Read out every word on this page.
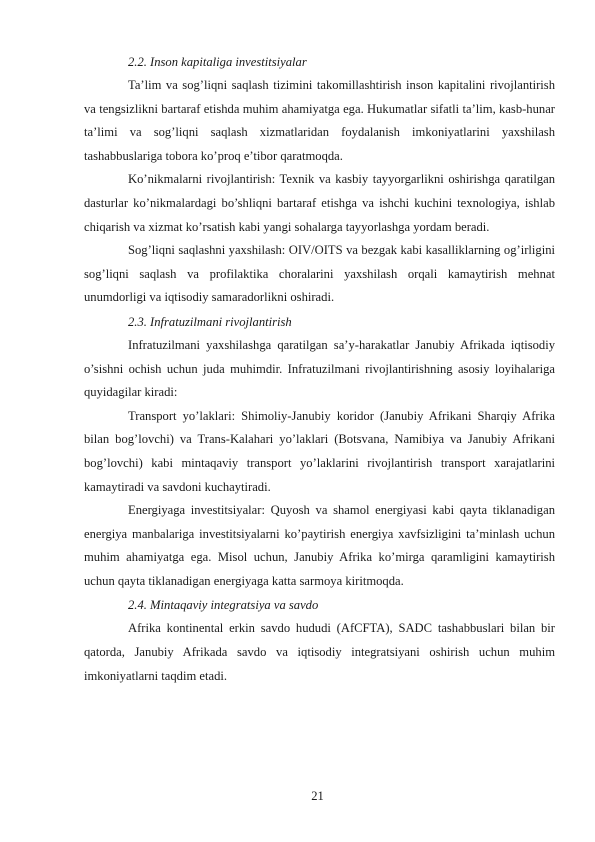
2.2. Inson kapitaliga investitsiyalar

Ta’lim va sog’liqni saqlash tizimini takomillashtirish inson kapitalini rivojlantirish va tengsizlikni bartaraf etishda muhim ahamiyatga ega. Hukumatlar sifatli ta’lim, kasb-hunar ta’limi va sog’liqni saqlash xizmatlaridan foydalanish imkoniyatlarini yaxshilash tashabbuslariga tobora ko’proq e’tibor qaratmoqda.

Ko’nikmalarni rivojlantirish: Texnik va kasbiy tayyorgarlikni oshirishga qaratilgan dasturlar ko’nikmalardagi bo’shliqni bartaraf etishga va ishchi kuchini texnologiya, ishlab chiqarish va xizmat ko’rsatish kabi yangi sohalarga tayyorlashga yordam beradi.

Sog’liqni saqlashni yaxshilash: OIV/OITS va bezgak kabi kasalliklarning og’irligini sog’liqni saqlash va profilaktika choralarini yaxshilash orqali kamaytirish mehnat unumdorligi va iqtisodiy samaradorlikni oshiradi.

2.3. Infratuzilmani rivojlantirish

Infratuzilmani yaxshilashga qaratilgan sa’y-harakatlar Janubiy Afrikada iqtisodiy o’sishni ochish uchun juda muhimdir. Infratuzilmani rivojlantirishning asosiy loyihalariga quyidagilar kiradi:

Transport yo’laklari: Shimoliy-Janubiy koridor (Janubiy Afrikani Sharqiy Afrika bilan bog’lovchi) va Trans-Kalahari yo’laklari (Botsvana, Namibiya va Janubiy Afrikani bog’lovchi) kabi mintaqaviy transport yo’laklarini rivojlantirish transport xarajatlarini kamaytiradi va savdoni kuchaytiradi.

Energiyaga investitsiyalar: Quyosh va shamol energiyasi kabi qayta tiklanadigan energiya manbalariga investitsiyalarni ko’paytirish energiya xavfsizligini ta’minlash uchun muhim ahamiyatga ega. Misol uchun, Janubiy Afrika ko’mirga qaramligini kamaytirish uchun qayta tiklanadigan energiyaga katta sarmoya kiritmoqda.

2.4. Mintaqaviy integratsiya va savdo

Afrika kontinental erkin savdo hududi (AfCFTA), SADC tashabbuslari bilan bir qatorda, Janubiy Afrikada savdo va iqtisodiy integratsiyani oshirish uchun muhim imkoniyatlarni taqdim etadi.

21
